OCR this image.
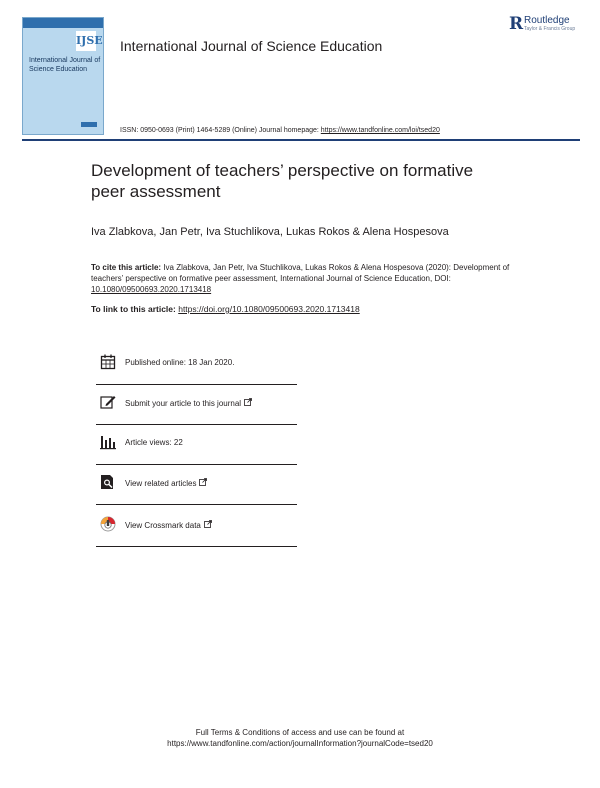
IJSE
International Journal of Science Education
International Journal of Science Education
R Routledge
Taylor & Francis Group
ISSN: 0950-0693 (Print) 1464-5289 (Online) Journal homepage: https://www.tandfonline.com/loi/tsed20
Development of teachers’ perspective on formative peer assessment
Iva Zlabkova, Jan Petr, Iva Stuchlikova, Lukas Rokos & Alena Hospesova
To cite this article: Iva Zlabkova, Jan Petr, Iva Stuchlikova, Lukas Rokos & Alena Hospesova (2020): Development of teachers’ perspective on formative peer assessment, International Journal of Science Education, DOI: 10.1080/09500693.2020.1713418
To link to this article: https://doi.org/10.1080/09500693.2020.1713418
Published online: 18 Jan 2020.
Submit your article to this journal
Article views: 22
View related articles
View Crossmark data
Full Terms & Conditions of access and use can be found at
https://www.tandfonline.com/action/journalInformation?journalCode=tsed20
